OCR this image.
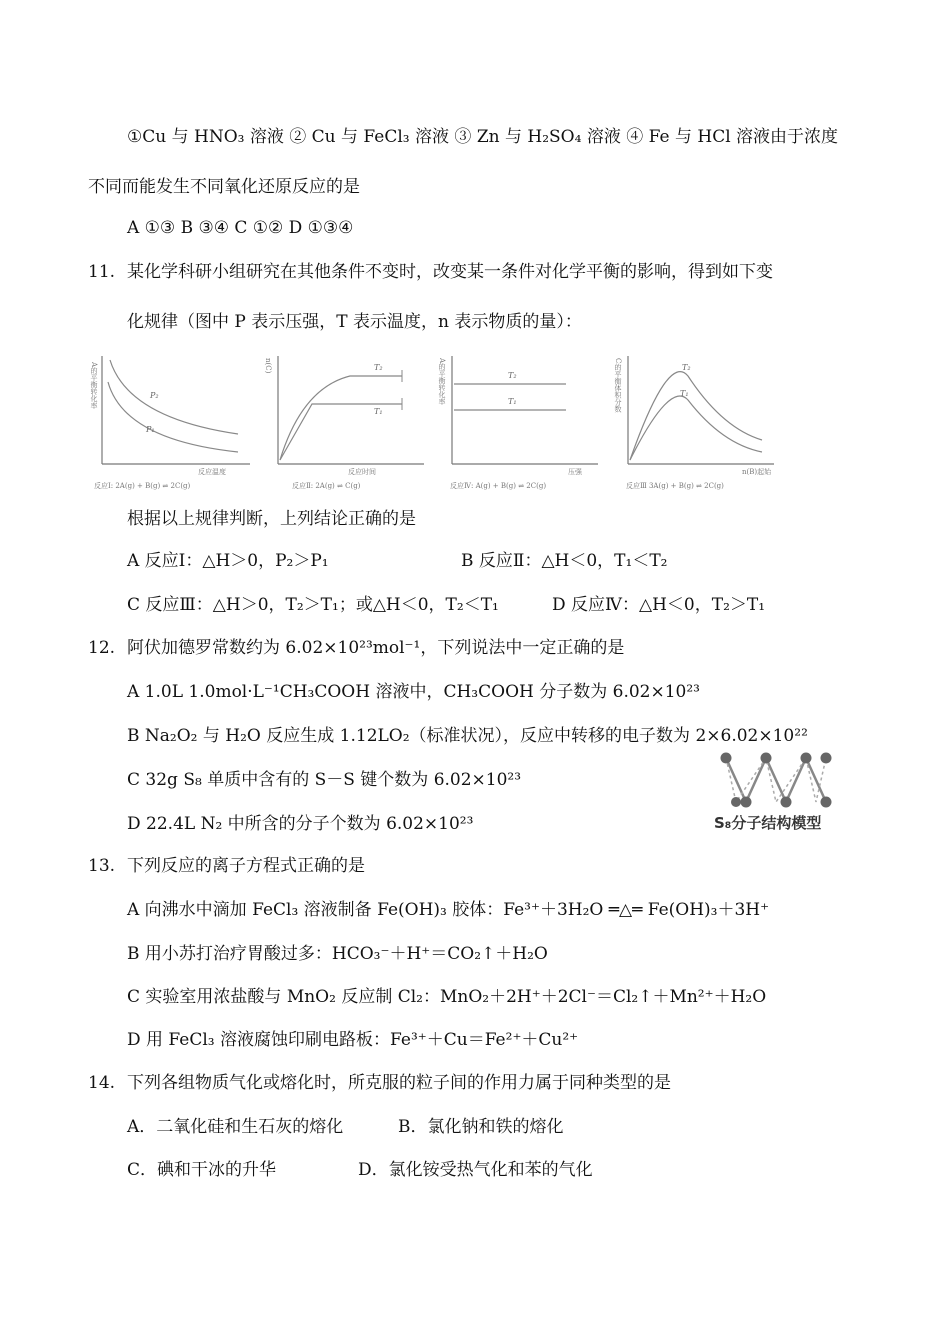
①Cu 与 HNO₃ 溶液 ② Cu 与 FeCl₃ 溶液 ③ Zn 与 H₂SO₄ 溶液 ④ Fe 与 HCl 溶液由于浓度
不同而能发生不同氧化还原反应的是
A ①③ B ③④ C ①② D ①③④
11. 某化学科研小组研究在其他条件不变时，改变某一条件对化学平衡的影响，得到如下变
化规律（图中 P 表示压强，T 表示温度，n 表示物质的量）：
P₂
P₁
A的平衡转化率
反应温度
反应Ⅰ: 2A(g) + B(g) ⇌ 2C(g)
T₂
T₁
n(C)
反应时间
反应Ⅱ: 2A(g) ⇌ C(g)
T₂
T₁
A的平衡转化率
压强
反应Ⅳ: A(g) + B(g) ⇌ 2C(g)
T₂
T₁
C的平衡体积分数
n(B)起始
反应Ⅲ 3A(g) + B(g) ⇌ 2C(g)
根据以上规律判断，上列结论正确的是
A 反应Ⅰ：△H＞0，P₂＞P₁	B 反应Ⅱ：△H＜0，T₁＜T₂
C 反应Ⅲ：△H＞0，T₂＞T₁；或△H＜0，T₂＜T₁	D 反应Ⅳ：△H＜0，T₂＞T₁
12. 阿伏加德罗常数约为 6.02×10²³mol⁻¹，下列说法中一定正确的是
A 1.0L 1.0mol·L⁻¹CH₃COOH 溶液中，CH₃COOH 分子数为 6.02×10²³
B Na₂O₂ 与 H₂O 反应生成 1.12LO₂（标准状况），反应中转移的电子数为 2×6.02×10²²
C 32g S₈ 单质中含有的 S－S 键个数为 6.02×10²³
D 22.4L N₂ 中所含的分子个数为 6.02×10²³	S₈分子结构模型
13. 下列反应的离子方程式正确的是
A 向沸水中滴加 FeCl₃ 溶液制备 Fe(OH)₃ 胶体：Fe³⁺＋3H₂O ═△═ Fe(OH)₃＋3H⁺
B 用小苏打治疗胃酸过多：HCO₃⁻＋H⁺＝CO₂↑＋H₂O
C 实验室用浓盐酸与 MnO₂ 反应制 Cl₂：MnO₂＋2H⁺＋2Cl⁻＝Cl₂↑＋Mn²⁺＋H₂O
D 用 FeCl₃ 溶液腐蚀印刷电路板：Fe³⁺＋Cu＝Fe²⁺＋Cu²⁺
14. 下列各组物质气化或熔化时，所克服的粒子间的作用力属于同种类型的是
A．二氧化硅和生石灰的熔化	B．氯化钠和铁的熔化
C．碘和干冰的升华	D．氯化铵受热气化和苯的气化
